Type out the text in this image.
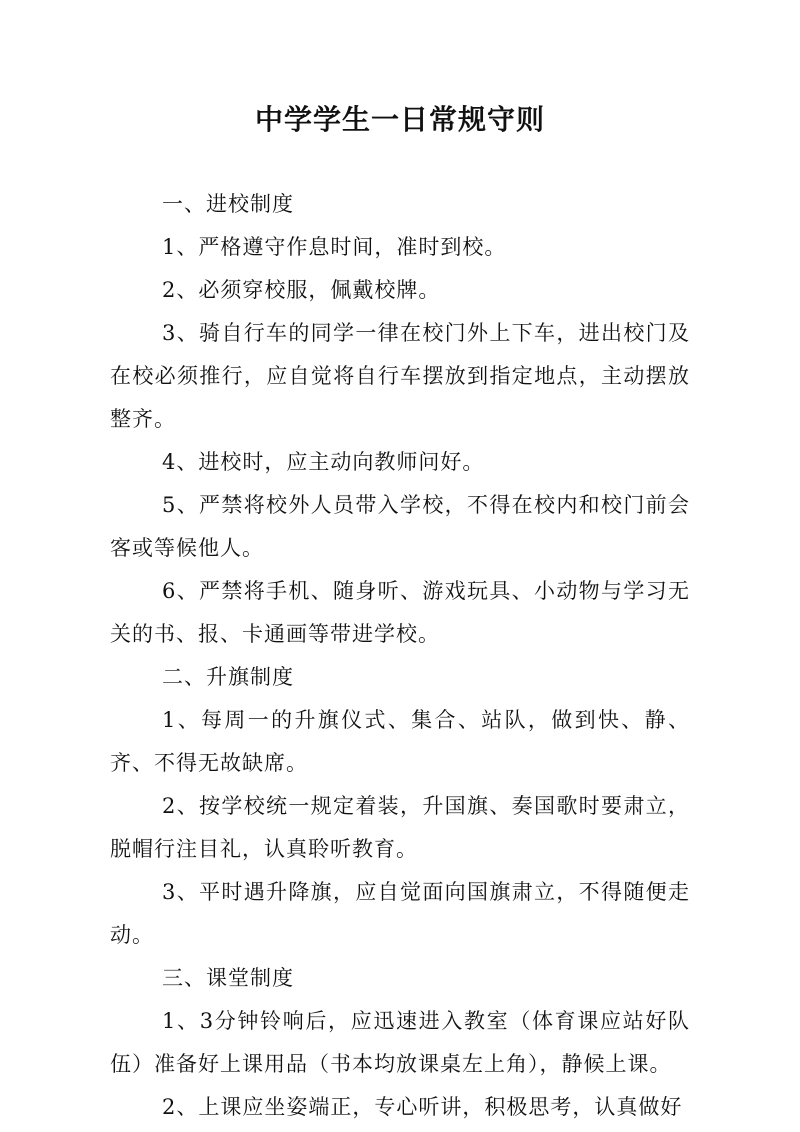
中学学生一日常规守则

一、进校制度

1、严格遵守作息时间，准时到校。

2、必须穿校服，佩戴校牌。

3、骑自行车的同学一律在校门外上下车，进出校门及在校必须推行，应自觉将自行车摆放到指定地点，主动摆放整齐。

4、进校时，应主动向教师问好。

5、严禁将校外人员带入学校，不得在校内和校门前会客或等候他人。

6、严禁将手机、随身听、游戏玩具、小动物与学习无关的书、报、卡通画等带进学校。

二、升旗制度

1、每周一的升旗仪式、集合、站队，做到快、静、齐、不得无故缺席。

2、按学校统一规定着装，升国旗、奏国歌时要肃立，脱帽行注目礼，认真聆听教育。

3、平时遇升降旗，应自觉面向国旗肃立，不得随便走动。

三、课堂制度

1、3分钟铃响后，应迅速进入教室（体育课应站好队伍）准备好上课用品（书本均放课桌左上角），静候上课。

2、上课应坐姿端正，专心听讲，积极思考，认真做好
